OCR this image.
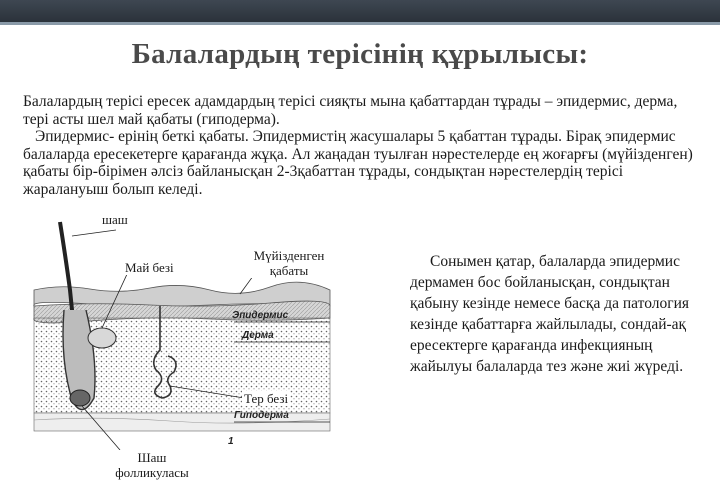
Балалардың терісінің құрылысы:

Балалардың терісі ересек адамдардың терісі сияқты мына қабаттардан тұрады – эпидермис, дерма, тері асты шел май қабаты (гиподерма).

Эпидермис- ерінің беткі қабаты. Эпидермистің жасушалары 5 қабаттан тұрады. Бірақ эпидермис балаларда ересекетерге қарағанда жұқа. Ал жаңадан туылған нәрестелерде ең жоғарғы (мүйізденген) қабаты бір-бірімен әлсіз байланысқан 2-3қабаттан тұрады, сондықтан нәрестелердің терісі жаралануыш болып келеді.

шаш
Май безі
Мүйізденген қабаты
Тер безі
Шаш фолликуласы
Эпидермис
Дерма
Гиподерма
1

Сонымен қатар, балаларда эпидермис дермамен бос бойланысқан, сондықтан қабыну кезінде немесе басқа да патология кезінде қабаттарға жайлылады, сондай-ақ ересектерге қарағанда инфекцияның жайылуы балаларда тез және жиі жүреді.
